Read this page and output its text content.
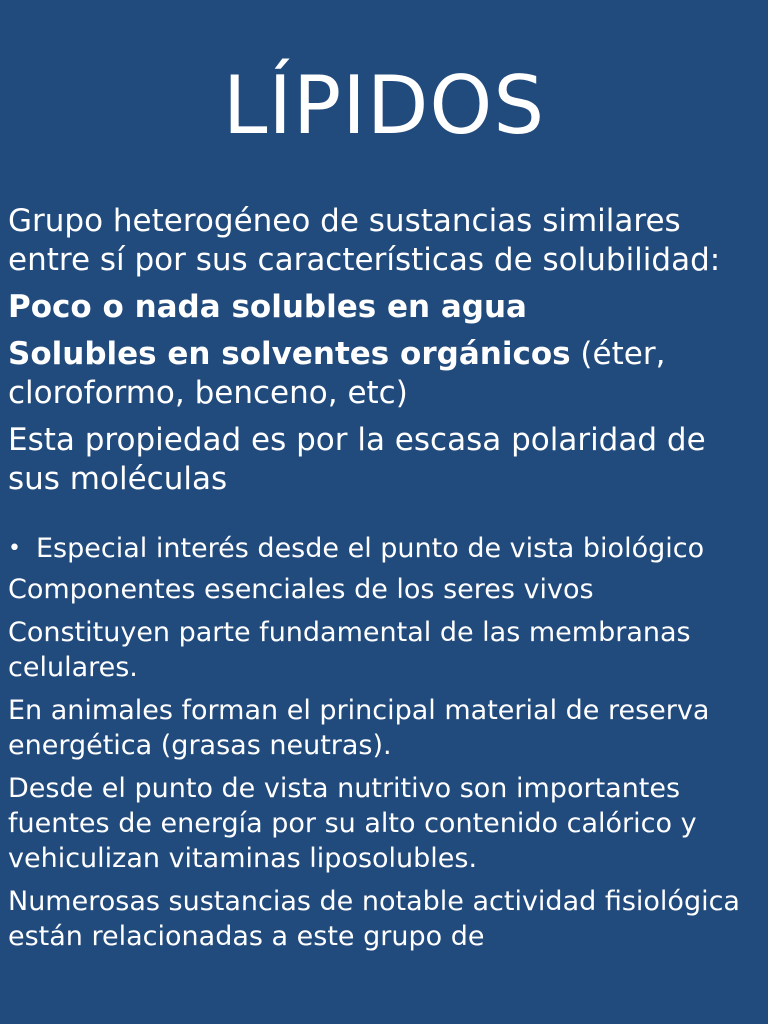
LÍPIDOS

Grupo heterogéneo de sustancias similares entre sí por sus características de solubilidad:

Poco o nada solubles en agua

Solubles en solventes orgánicos (éter, cloroformo, benceno, etc)

Esta propiedad es por la escasa polaridad de sus moléculas

• Especial interés desde el punto de vista biológico

Componentes esenciales de los seres vivos

Constituyen parte fundamental de las membranas celulares.

En animales forman el principal material de reserva energética (grasas neutras).

Desde el punto de vista nutritivo son importantes fuentes de energía por su alto contenido calórico y vehiculizan vitaminas liposolubles.

Numerosas sustancias de notable actividad fisiológica están relacionadas a este grupo de
